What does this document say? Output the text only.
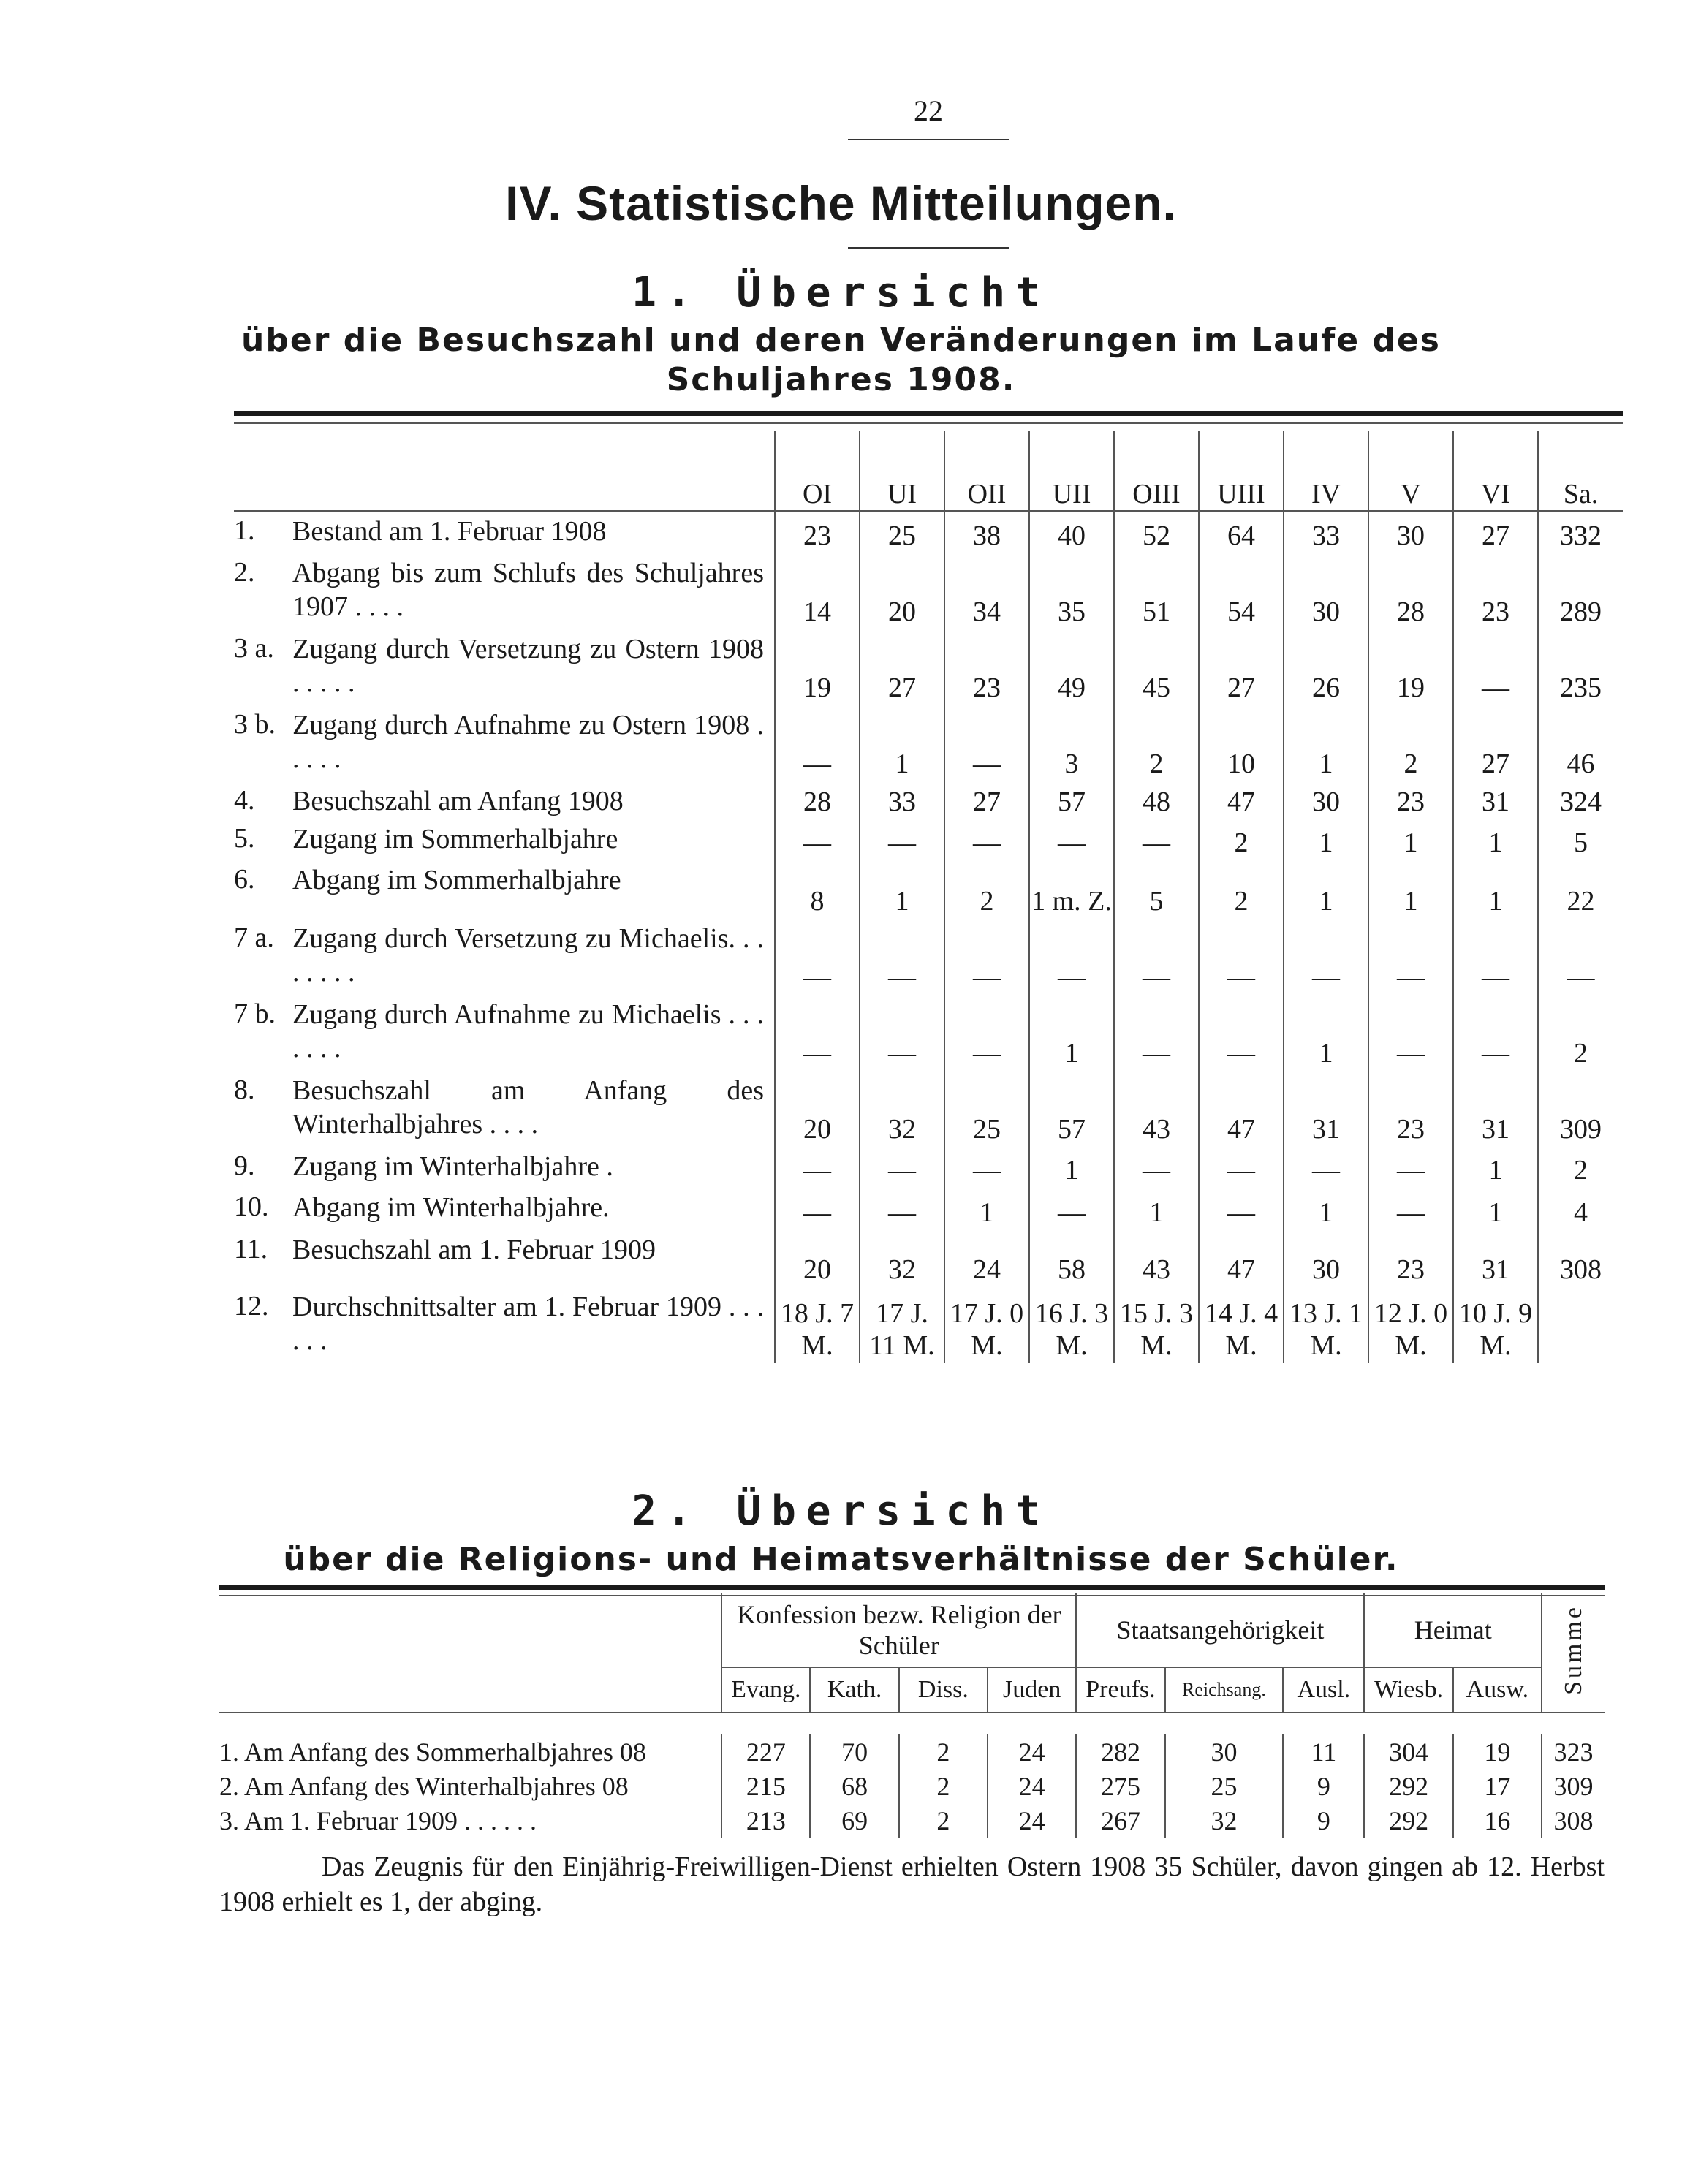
22
IV. Statistische Mitteilungen.
1. Übersicht
über die Besuchszahl und deren Veränderungen im Laufe des
Schuljahres 1908.
		OI	UI	OII	UII	OIII	UIII	IV	V	VI	Sa.
1.	Bestand am 1. Februar 1908	23	25	38	40	52	64	33	30	27	332
2.	Abgang bis zum Schlufs des Schuljahres 1907 . . . .	14	20	34	35	51	54	30	28	23	289
3 a.	Zugang durch Versetzung zu Ostern 1908 . . . . .	19	27	23	49	45	27	26	19	—	235
3 b.	Zugang durch Aufnahme zu Ostern 1908 . . . . .	—	1	—	3	2	10	1	2	27	46
4.	Besuchszahl am Anfang 1908	28	33	27	57	48	47	30	23	31	324
5.	Zugang im Sommerhalbjahre	—	—	—	—	—	2	1	1	1	5
6.	Abgang im Sommerhalbjahre	8	1	2	1 m. Z.	5	2	1	1	1	22
7 a.	Zugang durch Versetzung zu Michaelis. . . . . . . .	—	—	—	—	—	—	—	—	—	—
7 b.	Zugang durch Aufnahme zu Michaelis . . . . . . .	—	—	—	1	—	—	1	—	—	2
8.	Besuchszahl am Anfang des Winterhalbjahres . . . .	20	32	25	57	43	47	31	23	31	309
9.	Zugang im Winterhalbjahre .	—	—	—	1	—	—	—	—	1	2
10.	Abgang im Winterhalbjahre.	—	—	1	—	1	—	1	—	1	4
11.	Besuchszahl am 1. Februar 1909	20	32	24	58	43	47	30	23	31	308
12.	Durchschnittsalter am 1. Februar 1909 . . . . . .	18 J. 7 M.	17 J. 11 M.	17 J. 0 M.	16 J. 3 M.	15 J. 3 M.	14 J. 4 M.	13 J. 1 M.	12 J. 0 M.	10 J. 9 M.	
2. Übersicht
über die Religions- und Heimatsverhältnisse der Schüler.
	Konfession bezw. Religion der Schüler				Staatsangehörigkeit			Heimat		Summe
	Evang.	Kath.	Diss.	Juden	Preufs.	Reichsang.	Ausl.	Wiesb.	Ausw.	

1. Am Anfang des Sommerhalbjahres 08	227	70	2	24	282	30	11	304	19	323
2. Am Anfang des Winterhalbjahres 08	215	68	2	24	275	25	9	292	17	309
3. Am 1. Februar 1909 . . . . . .	213	69	2	24	267	32	9	292	16	308

Das Zeugnis für den Einjährig-Freiwilligen-Dienst erhielten Ostern 1908 35 Schüler, davon gingen ab 12. Herbst 1908 erhielt es 1, der abging.
